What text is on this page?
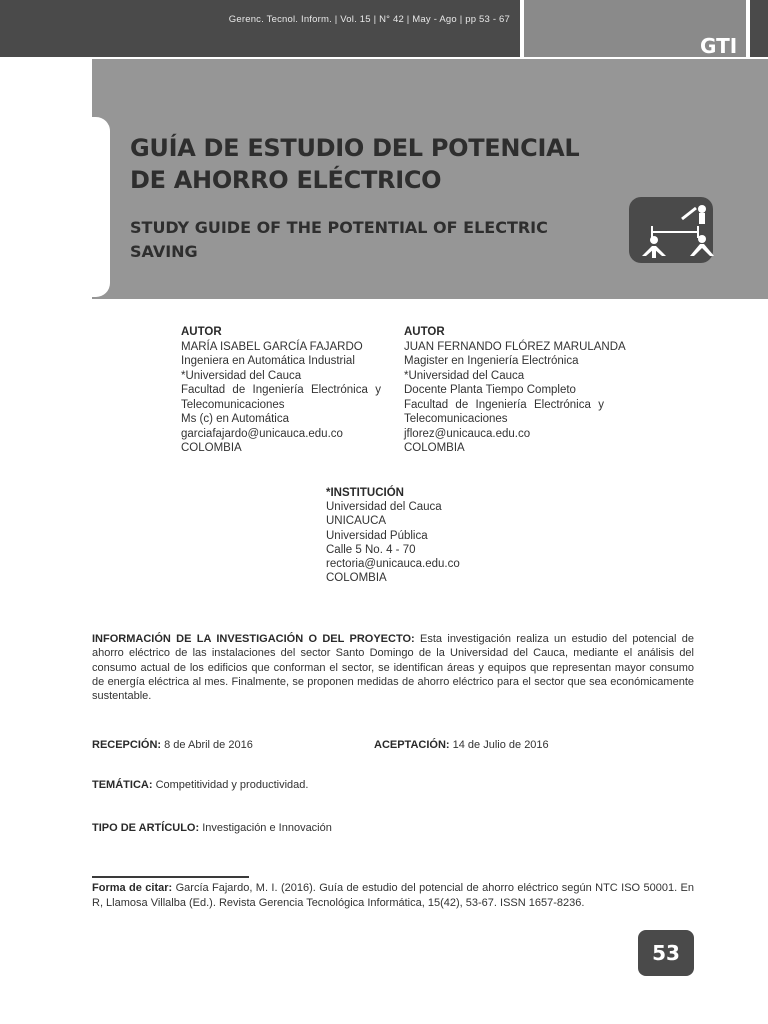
Gerenc. Tecnol. Inform. | Vol. 15 | N° 42 | May - Ago | pp 53 - 67
GTI
GUÍA DE ESTUDIO DEL POTENCIAL
DE AHORRO ELÉCTRICO
STUDY GUIDE OF THE POTENTIAL OF ELECTRIC
SAVING
AUTOR
MARÍA ISABEL GARCÍA FAJARDO
Ingeniera en Automática Industrial
*Universidad del Cauca
Facultad de Ingeniería Electrónica y
Telecomunicaciones
Ms (c) en Automática
garciafajardo@unicauca.edu.co
COLOMBIA
AUTOR
JUAN FERNANDO FLÓREZ MARULANDA
Magister en Ingeniería Electrónica
*Universidad del Cauca
Docente Planta Tiempo Completo
Facultad de Ingeniería Electrónica y
Telecomunicaciones
jflorez@unicauca.edu.co
COLOMBIA
*INSTITUCIÓN
Universidad del Cauca
UNICAUCA
Universidad Pública
Calle 5 No. 4 - 70
rectoria@unicauca.edu.co
COLOMBIA
INFORMACIÓN DE LA INVESTIGACIÓN O DEL PROYECTO: Esta investigación realiza un estudio del potencial de ahorro eléctrico de las instalaciones del sector Santo Domingo de la Universidad del Cauca, mediante el análisis del consumo actual de los edificios que conforman el sector, se identifican áreas y equipos que representan mayor consumo de energía eléctrica al mes. Finalmente, se proponen medidas de ahorro eléctrico para el sector que sea económicamente sustentable.
RECEPCIÓN: 8 de Abril de 2016	ACEPTACIÓN: 14 de Julio de 2016
TEMÁTICA: Competitividad y productividad.
TIPO DE ARTÍCULO: Investigación e Innovación
Forma de citar: García Fajardo, M. I. (2016). Guía de estudio del potencial de ahorro eléctrico según NTC ISO 50001. En R, Llamosa Villalba (Ed.). Revista Gerencia Tecnológica Informática, 15(42), 53-67. ISSN 1657-8236.
53
